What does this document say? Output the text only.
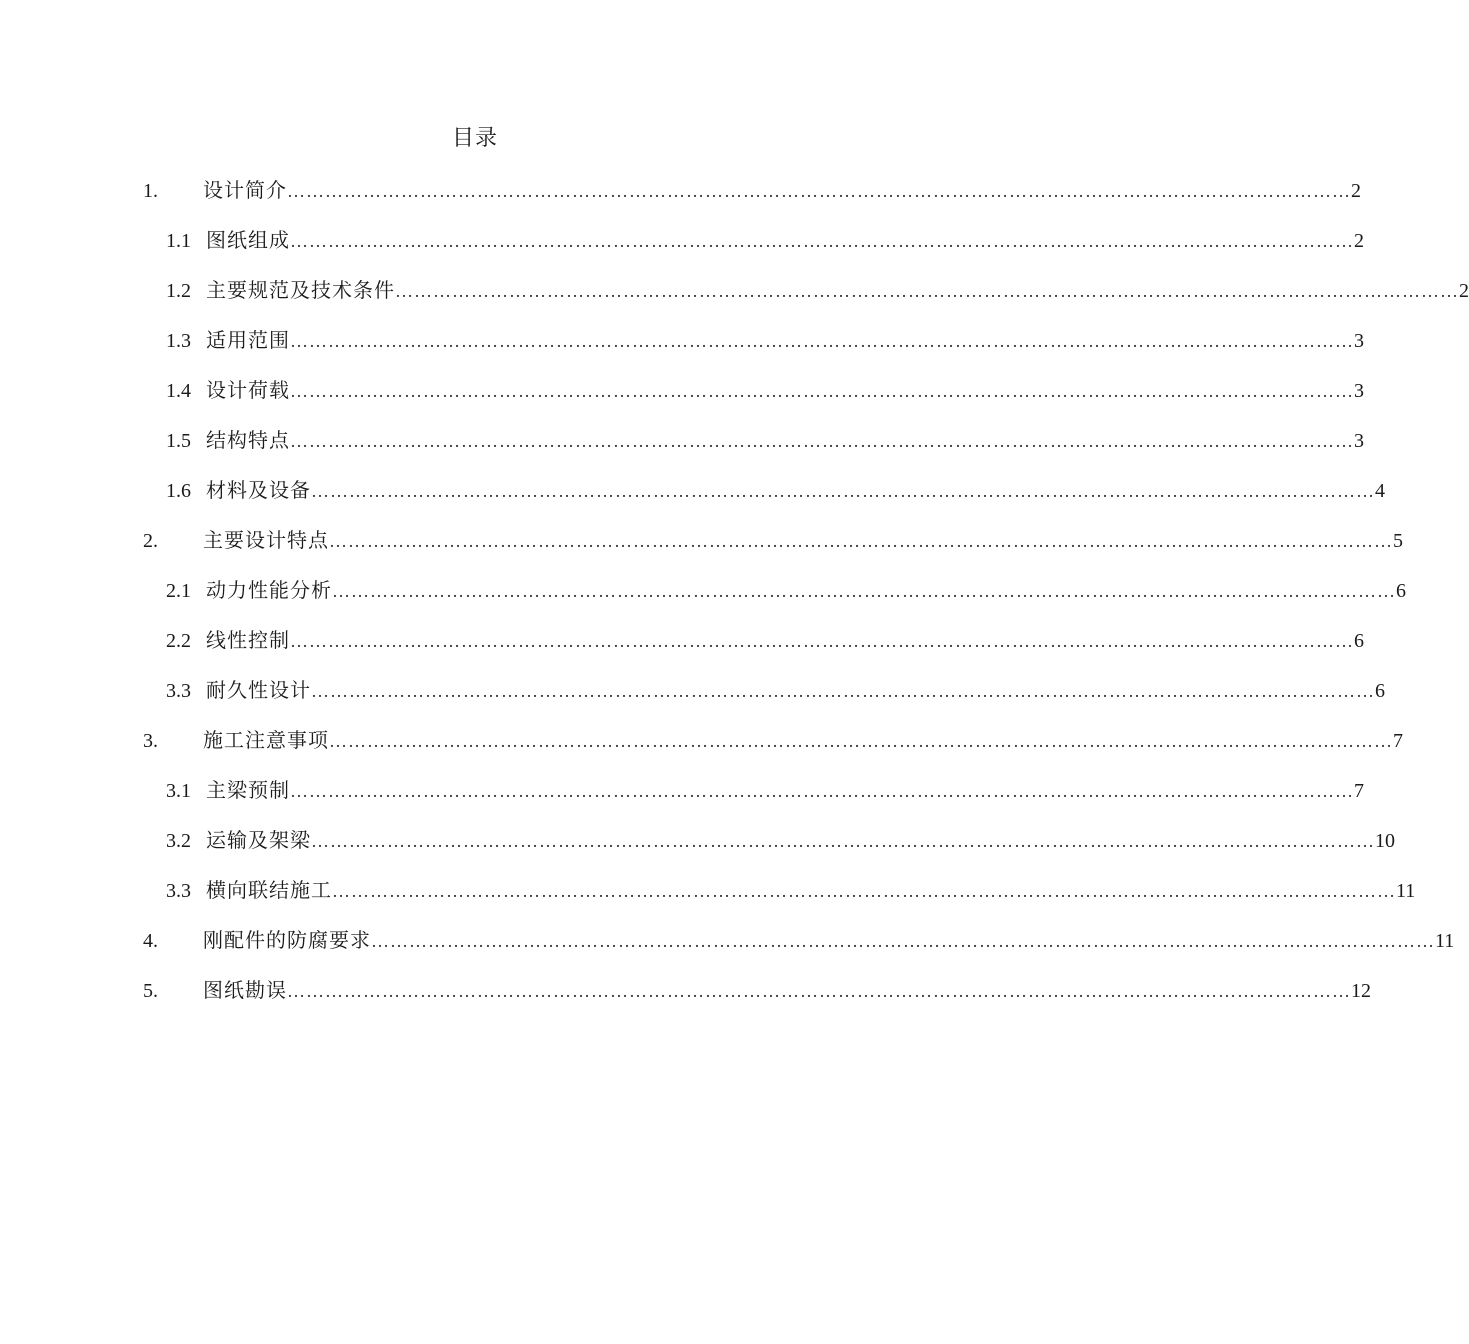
目录
1.	设计简介 …………………………………………………………………………………………………………………………………………………… 2
1.1 图纸组成 …………………………………………………………………………………………………………………………………………………… 2
1.2 主要规范及技术条件 …………………………………………………………………………………………………………………………………………………… 2
1.3 适用范围 …………………………………………………………………………………………………………………………………………………… 3
1.4 设计荷载 …………………………………………………………………………………………………………………………………………………… 3
1.5 结构特点 …………………………………………………………………………………………………………………………………………………… 3
1.6 材料及设备 …………………………………………………………………………………………………………………………………………………… 4
2.	主要设计特点 …………………………………………………………………………………………………………………………………………………… 5
2.1 动力性能分析 …………………………………………………………………………………………………………………………………………………… 6
2.2 线性控制 …………………………………………………………………………………………………………………………………………………… 6
3.3 耐久性设计 …………………………………………………………………………………………………………………………………………………… 6
3.	施工注意事项 …………………………………………………………………………………………………………………………………………………… 7
3.1 主梁预制 …………………………………………………………………………………………………………………………………………………… 7
3.2 运输及架梁 …………………………………………………………………………………………………………………………………………………… 10
3.3 横向联结施工 …………………………………………………………………………………………………………………………………………………… 11
4.	刚配件的防腐要求 …………………………………………………………………………………………………………………………………………………… 11
5.	图纸勘误 …………………………………………………………………………………………………………………………………………………… 12
